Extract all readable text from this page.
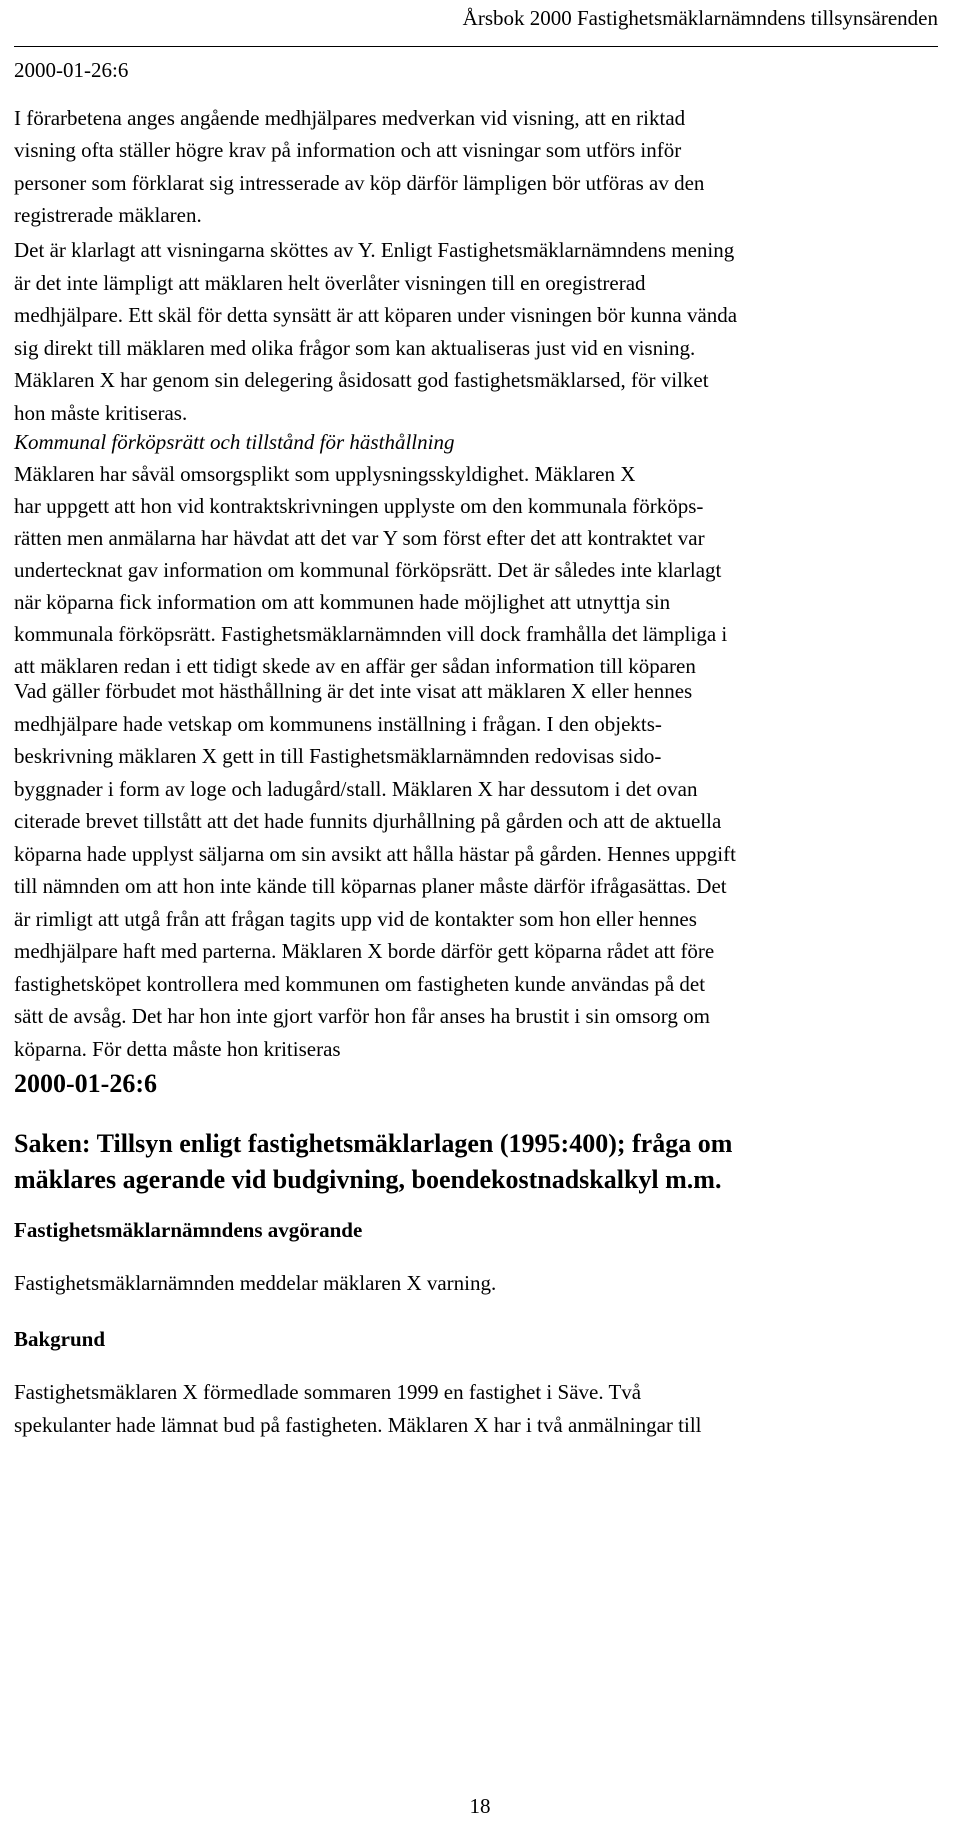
Årsbok 2000 Fastighetsmäklarnämndens tillsynsärenden
2000-01-26:6

I förarbetena anges angående medhjälpares medverkan vid visning, att en riktad
visning ofta ställer högre krav på information och att visningar som utförs inför
personer som förklarat sig intresserade av köp därför lämpligen bör utföras av den
registrerade mäklaren.

Det är klarlagt att visningarna sköttes av Y. Enligt Fastighetsmäklarnämndens mening
är det inte lämpligt att mäklaren helt överlåter visningen till en oregistrerad
medhjälpare. Ett skäl för detta synsätt är att köparen under visningen bör kunna vända
sig direkt till mäklaren med olika frågor som kan aktualiseras just vid en visning.
Mäklaren X har genom sin delegering åsidosatt god fastighetsmäklarsed, för vilket
hon måste kritiseras.

Kommunal förköpsrätt och tillstånd för hästhållning
Mäklaren har såväl omsorgsplikt som upplysningsskyldighet. Mäklaren X
har uppgett att hon vid kontraktskrivningen upplyste om den kommunala förköps-
rätten men anmälarna har hävdat att det var Y som först efter det att kontraktet var
undertecknat gav information om kommunal förköpsrätt. Det är således inte klarlagt
när köparna fick information om att kommunen hade möjlighet att utnyttja sin
kommunala förköpsrätt. Fastighetsmäklarnämnden vill dock framhålla det lämpliga i
att mäklaren redan i ett tidigt skede av en affär ger sådan information till köparen

Vad gäller förbudet mot hästhållning är det inte visat att mäklaren X eller hennes
medhjälpare hade vetskap om kommunens inställning i frågan. I den objekts-
beskrivning mäklaren X gett in till Fastighetsmäklarnämnden redovisas sido-
byggnader i form av loge och ladugård/stall. Mäklaren X har dessutom i det ovan
citerade brevet tillstått att det hade funnits djurhållning på gården och att de aktuella
köparna hade upplyst säljarna om sin avsikt att hålla hästar på gården. Hennes uppgift
till nämnden om att hon inte kände till köparnas planer måste därför ifrågasättas. Det
är rimligt att utgå från att frågan tagits upp vid de kontakter som hon eller hennes
medhjälpare haft med parterna. Mäklaren X borde därför gett köparna rådet att före
fastighetsköpet kontrollera med kommunen om fastigheten kunde användas på det
sätt de avsåg. Det har hon inte gjort varför hon får anses ha brustit i sin omsorg om
köparna. För detta måste hon kritiseras

2000-01-26:6
Saken: Tillsyn enligt fastighetsmäklarlagen (1995:400); fråga om
mäklares agerande vid budgivning, boendekostnadskalkyl m.m.
Fastighetsmäklarnämndens avgörande

Fastighetsmäklarnämnden meddelar mäklaren X varning.

Bakgrund

Fastighetsmäklaren X förmedlade sommaren 1999 en fastighet i Säve. Två
spekulanter hade lämnat bud på fastigheten. Mäklaren X har i två anmälningar till

18
